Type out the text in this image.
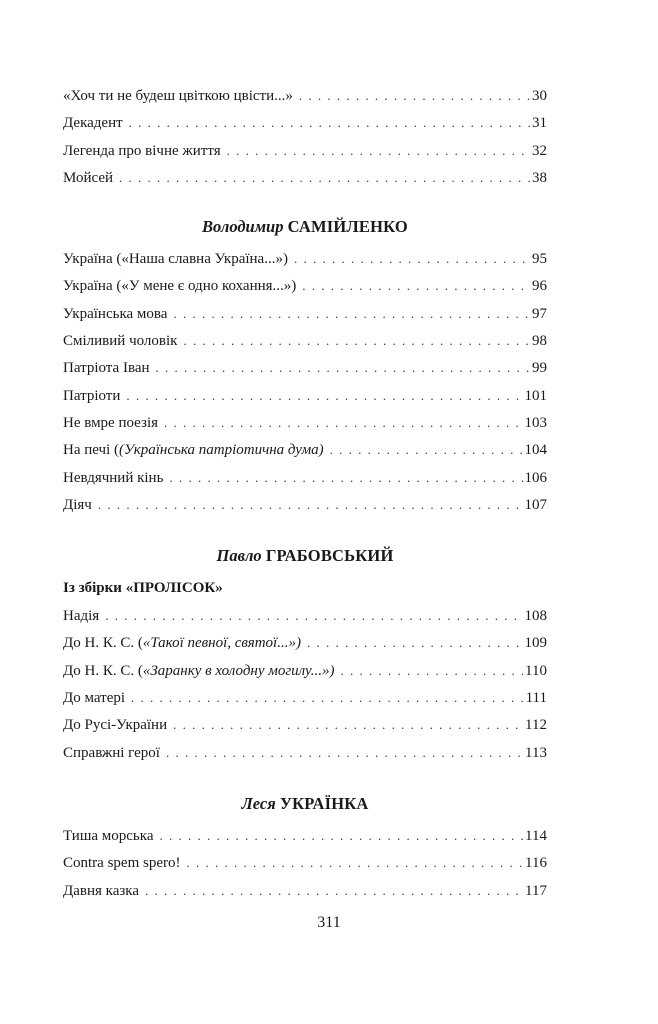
«Хоч ти не будеш цвіткою цвісти...» . . .	30
Декадент . . .	31
Легенда про вічне життя . . .	32
Мойсей . . .	38
Володимир САМІЙЛЕНКО
Україна («Наша славна Україна...») . . .	95
Україна («У мене є одно кохання...») . . .	96
Українська мова . . .	97
Сміливий чоловік . . .	98
Патріота Іван . . .	99
Патріоти . . .	101
Не вмре поезія . . .	103
На печі ((Українська патріотична дума) . . .	104
Невдячний кінь . . .	106
Діяч . . .	107
Павло ГРАБОВСЬКИЙ
Із збірки «ПРОЛІСОК»
Надія . . .	108
До Н. К. С. («Такої певної, святої...») . . .	109
До Н. К. С. («Заранку в холодну могилу...») . . .	110
До матері . . .	111
До Русі-України . . .	112
Справжні герої . . .	113
Леся УКРАЇНКА
Тиша морська . . .	114
Contra spem spero! . . .	116
Давня казка . . .	117
311
